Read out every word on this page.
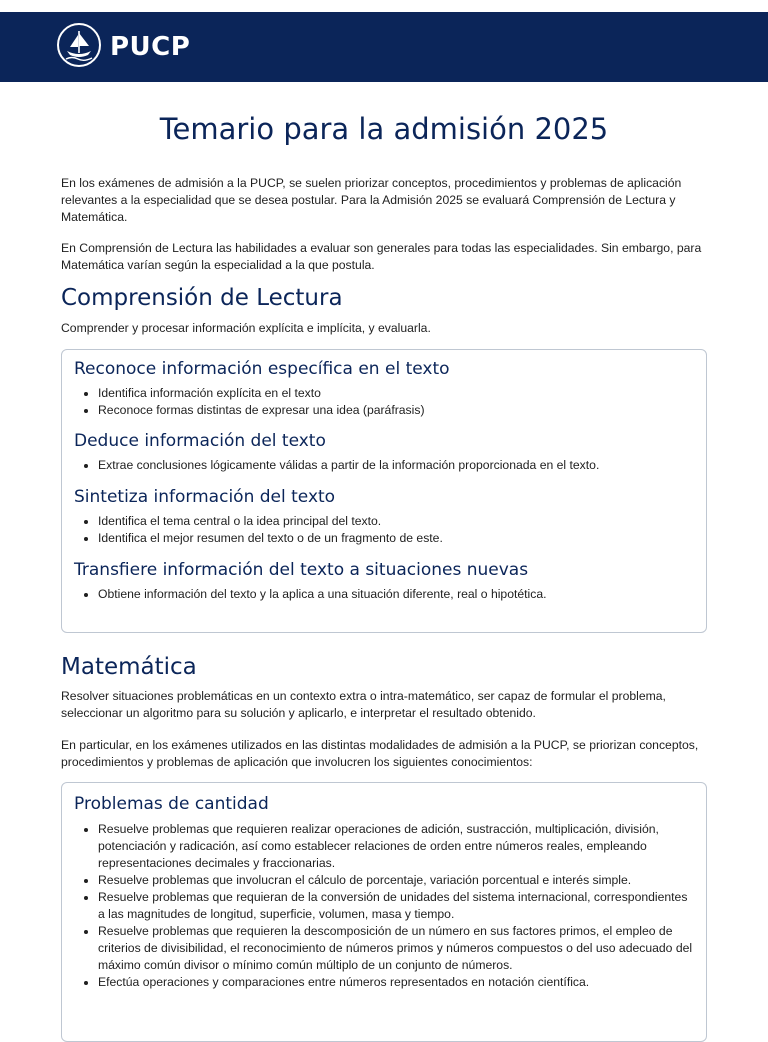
PUCP
Temario para la admisión 2025

En los exámenes de admisión a la PUCP, se suelen priorizar conceptos, procedimientos y problemas de aplicación relevantes a la especialidad que se desea postular. Para la Admisión 2025 se evaluará Comprensión de Lectura y Matemática.

En Comprensión de Lectura las habilidades a evaluar son generales para todas las especialidades. Sin embargo, para Matemática varían según la especialidad a la que postula.

Comprensión de Lectura

Comprender y procesar información explícita e implícita, y evaluarla.

Reconoce información específica en el texto
• Identifica información explícita en el texto
• Reconoce formas distintas de expresar una idea (paráfrasis)
Deduce información del texto
• Extrae conclusiones lógicamente válidas a partir de la información proporcionada en el texto.
Sintetiza información del texto
• Identifica el tema central o la idea principal del texto.
• Identifica el mejor resumen del texto o de un fragmento de este.
Transfiere información del texto a situaciones nuevas
• Obtiene información del texto y la aplica a una situación diferente, real o hipotética.
Matemática

Resolver situaciones problemáticas en un contexto extra o intra-matemático, ser capaz de formular el problema, seleccionar un algoritmo para su solución y aplicarlo, e interpretar el resultado obtenido.

En particular, en los exámenes utilizados en las distintas modalidades de admisión a la PUCP, se priorizan conceptos, procedimientos y problemas de aplicación que involucren los siguientes conocimientos:

Problemas de cantidad
• Resuelve problemas que requieren realizar operaciones de adición, sustracción, multiplicación, división, potenciación y radicación, así como establecer relaciones de orden entre números reales, empleando representaciones decimales y fraccionarias.
• Resuelve problemas que involucran el cálculo de porcentaje, variación porcentual e interés simple.
• Resuelve problemas que requieran de la conversión de unidades del sistema internacional, correspondientes a las magnitudes de longitud, superficie, volumen, masa y tiempo.
• Resuelve problemas que requieren la descomposición de un número en sus factores primos, el empleo de criterios de divisibilidad, el reconocimiento de números primos y números compuestos o del uso adecuado del máximo común divisor o mínimo común múltiplo de un conjunto de números.
• Efectúa operaciones y comparaciones entre números representados en notación científica.
